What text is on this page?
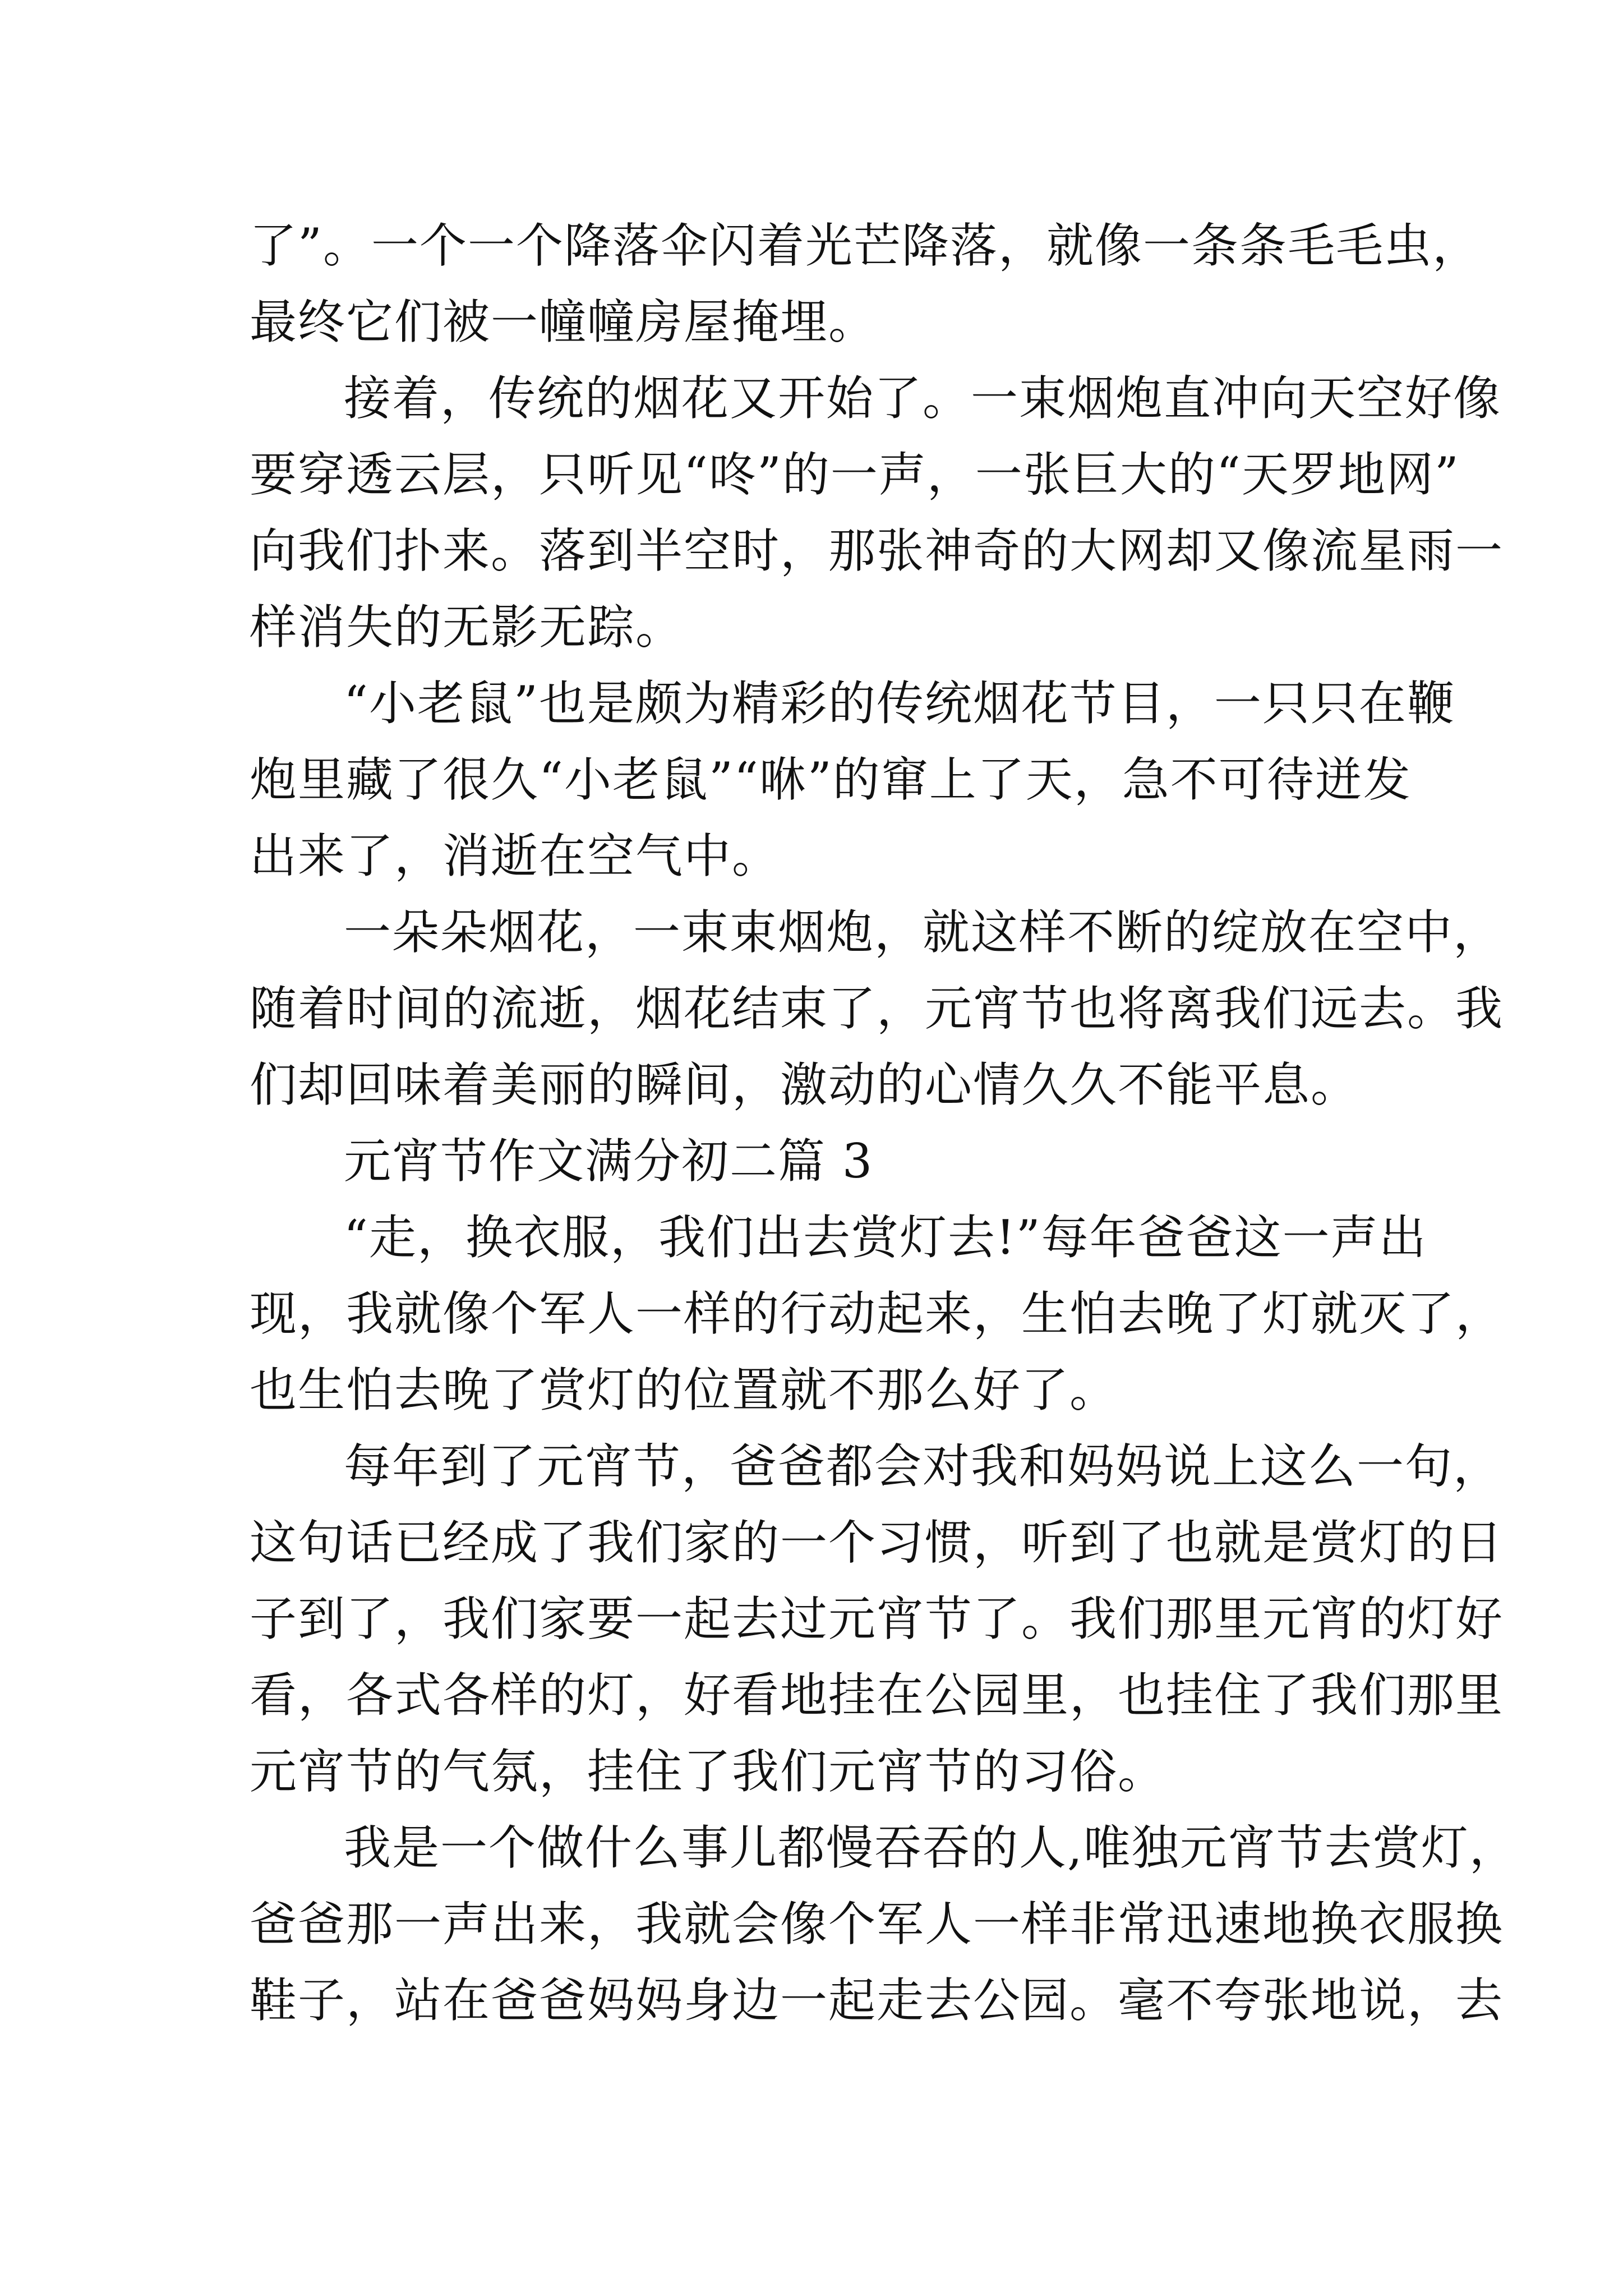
了”。一个一个降落伞闪着光芒降落，就像一条条毛毛虫，
最终它们被一幢幢房屋掩埋。
接着，传统的烟花又开始了。一束烟炮直冲向天空好像
要穿透云层，只听见“咚”的一声，一张巨大的“天罗地网”
向我们扑来。落到半空时，那张神奇的大网却又像流星雨一
样消失的无影无踪。
“小老鼠”也是颇为精彩的传统烟花节目，一只只在鞭
炮里藏了很久“小老鼠”“咻”的窜上了天，急不可待迸发
出来了，消逝在空气中。
一朵朵烟花，一束束烟炮，就这样不断的绽放在空中，
随着时间的流逝，烟花结束了，元宵节也将离我们远去。我
们却回味着美丽的瞬间，激动的心情久久不能平息。
元宵节作文满分初二篇 3
“走，换衣服，我们出去赏灯去!”每年爸爸这一声出
现，我就像个军人一样的行动起来，生怕去晚了灯就灭了，
也生怕去晚了赏灯的位置就不那么好了。
每年到了元宵节，爸爸都会对我和妈妈说上这么一句，
这句话已经成了我们家的一个习惯，听到了也就是赏灯的日
子到了，我们家要一起去过元宵节了。我们那里元宵的灯好
看，各式各样的灯，好看地挂在公园里，也挂住了我们那里
元宵节的气氛，挂住了我们元宵节的习俗。
我是一个做什么事儿都慢吞吞的人,唯独元宵节去赏灯，
爸爸那一声出来，我就会像个军人一样非常迅速地换衣服换
鞋子，站在爸爸妈妈身边一起走去公园。毫不夸张地说，去
